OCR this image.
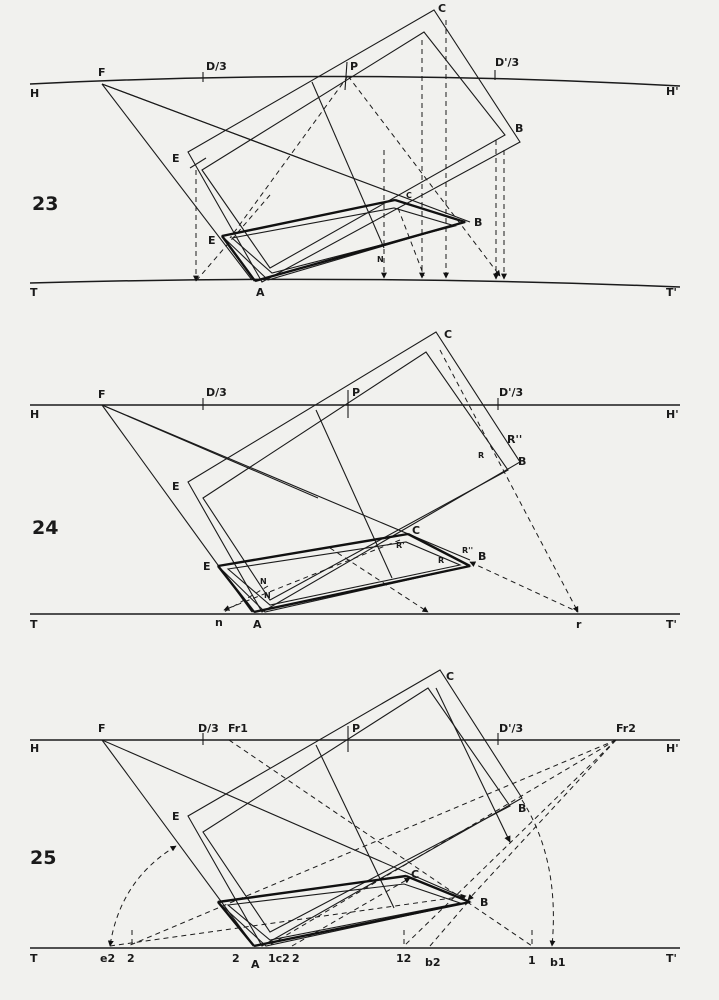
23
H	H'
F	D/3	P	D'/3
T	T'
C
B
E
E
C
B
N
A
24
H	H'
F	D/3	P	D'/3
T	T'
C
R''
R	B
E
E
C
R'
R''
R	B
N
N
n	A	r
25
H	H'
F	D/3 Fr1	P	D'/3	Fr2
T	T'
C
B
E
C
B
e2 2	2 A 1c2 2	12 b2	1 b1
